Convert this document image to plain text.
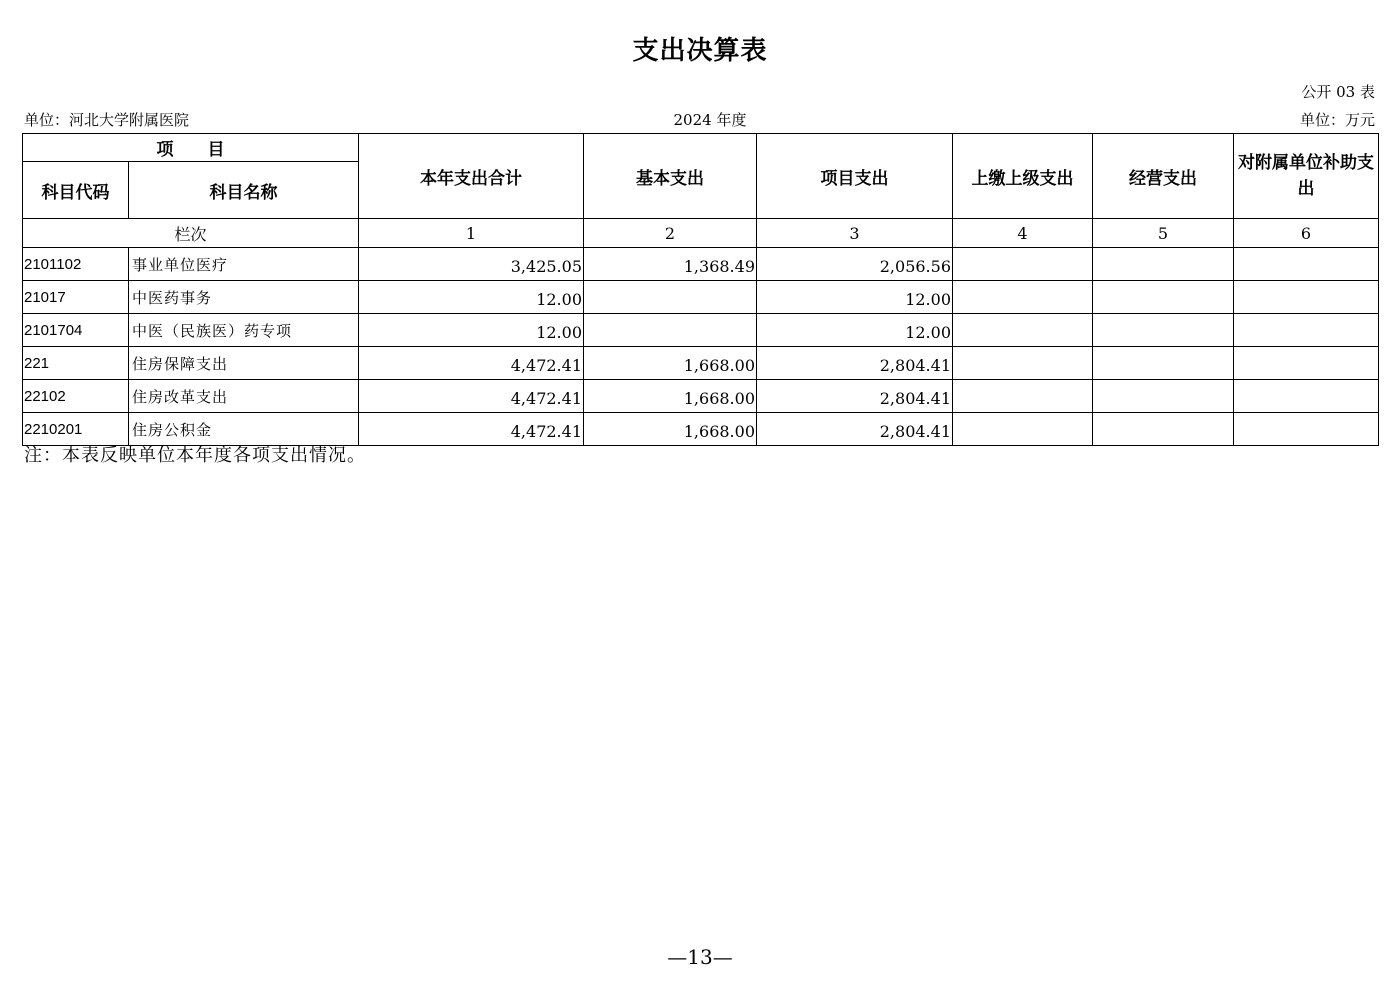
支出决算表
公开 03 表
单位：河北大学附属医院	2024 年度	单位：万元
项　　目		本年支出合计	基本支出	项目支出	上缴上级支出	经营支出	对附属单位补助支出
科目代码	科目名称						
栏次		1	2	3	4	5	6
2101102	事业单位医疗	3,425.05	1,368.49	2,056.56			
21017	中医药事务	12.00		12.00			
2101704	中医（民族医）药专项	12.00		12.00			
221	住房保障支出	4,472.41	1,668.00	2,804.41			
22102	住房改革支出	4,472.41	1,668.00	2,804.41			
2210201	住房公积金	4,472.41	1,668.00	2,804.41			
注：本表反映单位本年度各项支出情况。
—13—
